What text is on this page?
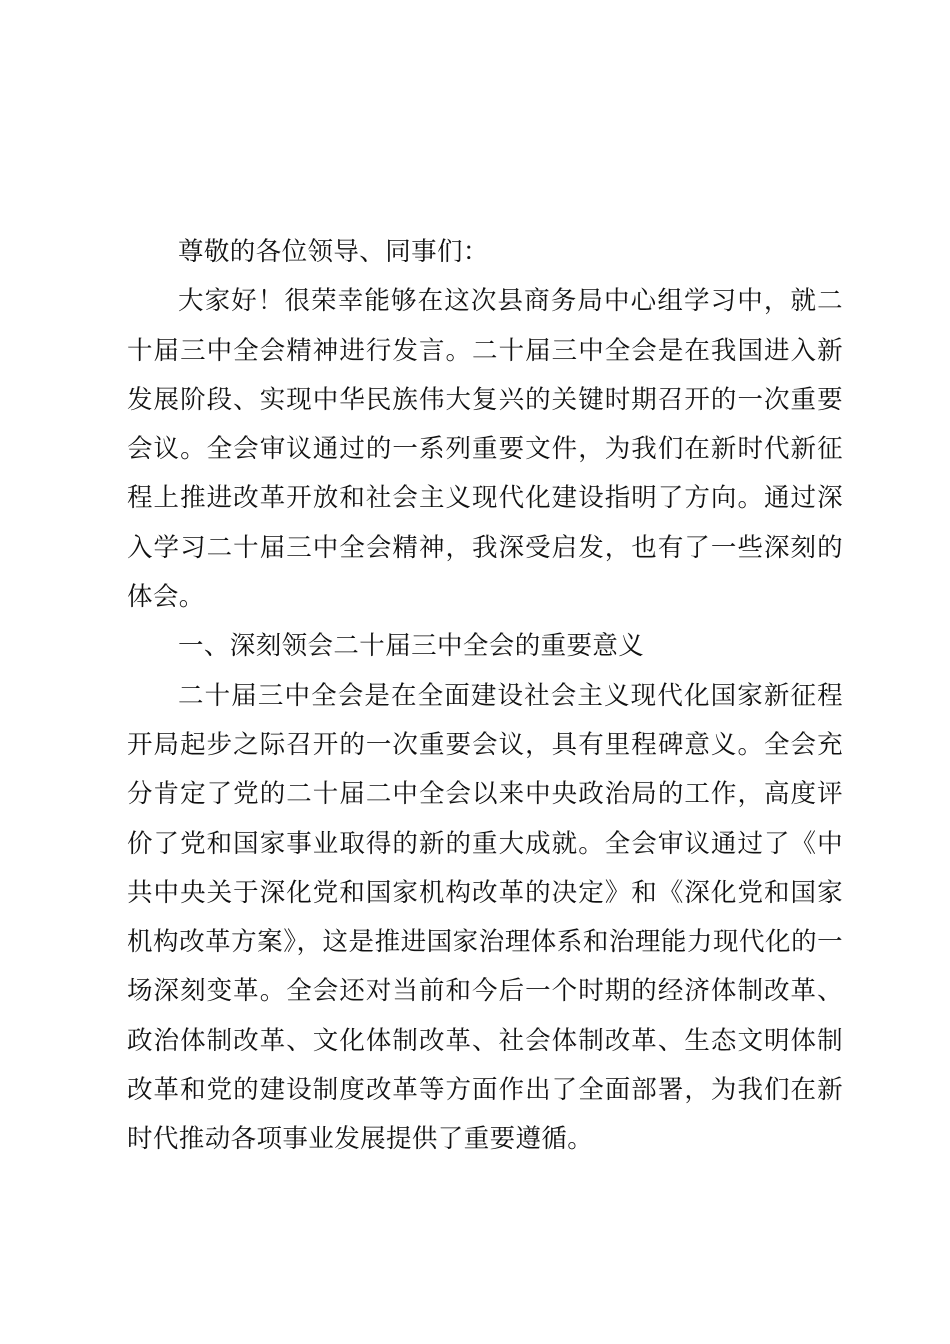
尊敬的各位领导、同事们：

大家好！很荣幸能够在这次县商务局中心组学习中，就二十届三中全会精神进行发言。二十届三中全会是在我国进入新发展阶段、实现中华民族伟大复兴的关键时期召开的一次重要会议。全会审议通过的一系列重要文件，为我们在新时代新征程上推进改革开放和社会主义现代化建设指明了方向。通过深入学习二十届三中全会精神，我深受启发，也有了一些深刻的体会。

一、深刻领会二十届三中全会的重要意义

二十届三中全会是在全面建设社会主义现代化国家新征程开局起步之际召开的一次重要会议，具有里程碑意义。全会充分肯定了党的二十届二中全会以来中央政治局的工作，高度评价了党和国家事业取得的新的重大成就。全会审议通过了《中共中央关于深化党和国家机构改革的决定》和《深化党和国家机构改革方案》，这是推进国家治理体系和治理能力现代化的一场深刻变革。全会还对当前和今后一个时期的经济体制改革、政治体制改革、文化体制改革、社会体制改革、生态文明体制改革和党的建设制度改革等方面作出了全面部署，为我们在新时代推动各项事业发展提供了重要遵循。
